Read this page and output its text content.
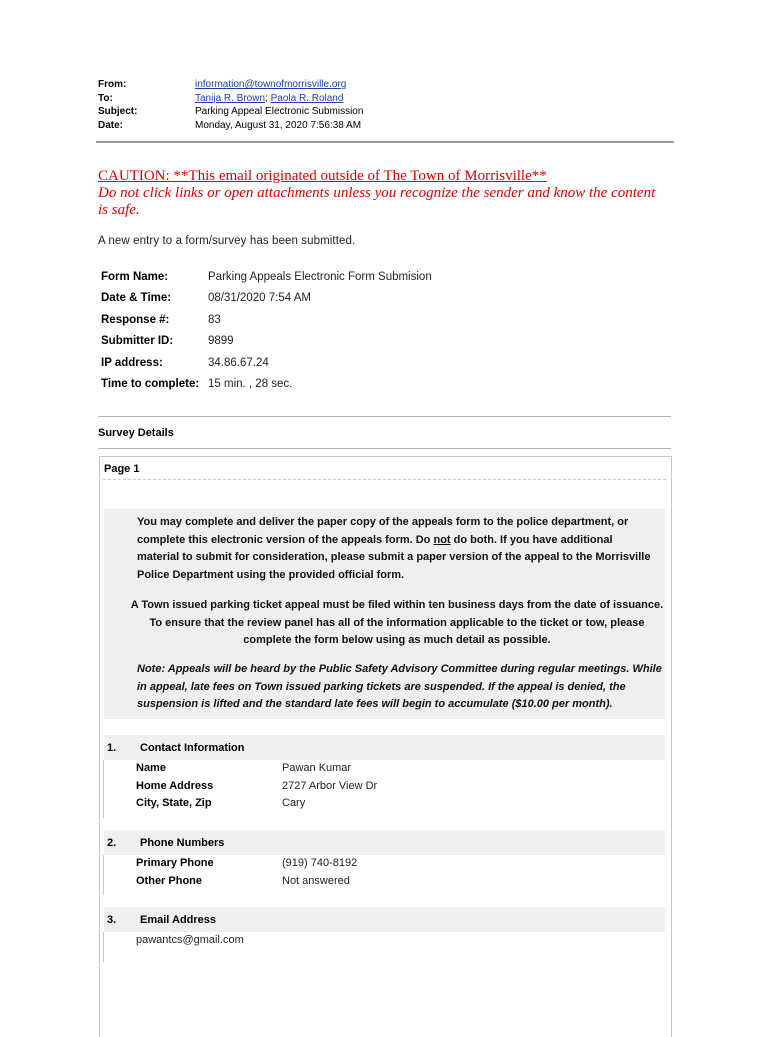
From:	information@townofmorrisville.org
To:	Tanija R. Brown; Paola R. Roland
Subject:	Parking Appeal Electronic Submission
Date:	Monday, August 31, 2020 7:56:38 AM
CAUTION: **This email originated outside of The Town of Morrisville**
Do not click links or open attachments unless you recognize the sender and know the content is safe.
A new entry to a form/survey has been submitted.
Form Name:	Parking Appeals Electronic Form Submision
Date & Time:	08/31/2020 7:54 AM
Response #:	83
Submitter ID:	9899
IP address:	34.86.67.24
Time to complete: 15 min. , 28 sec.
Survey Details
Page 1
You may complete and deliver the paper copy of the appeals form to the police department, or complete this electronic version of the appeals form. Do not do both. If you have additional material to submit for consideration, please submit a paper version of the appeal to the Morrisville Police Department using the provided official form.
A Town issued parking ticket appeal must be filed within ten business days from the date of issuance. To ensure that the review panel has all of the information applicable to the ticket or tow, please complete the form below using as much detail as possible.
Note: Appeals will be heard by the Public Safety Advisory Committee during regular meetings. While in appeal, late fees on Town issued parking tickets are suspended. If the appeal is denied, the suspension is lifted and the standard late fees will begin to accumulate ($10.00 per month).
1.	Contact Information
Name	Pawan Kumar
Home Address	2727 Arbor View Dr
City, State, Zip	Cary
2.	Phone Numbers
Primary Phone	(919) 740-8192
Other Phone	Not answered
3.	Email Address
pawantcs@gmail.com
